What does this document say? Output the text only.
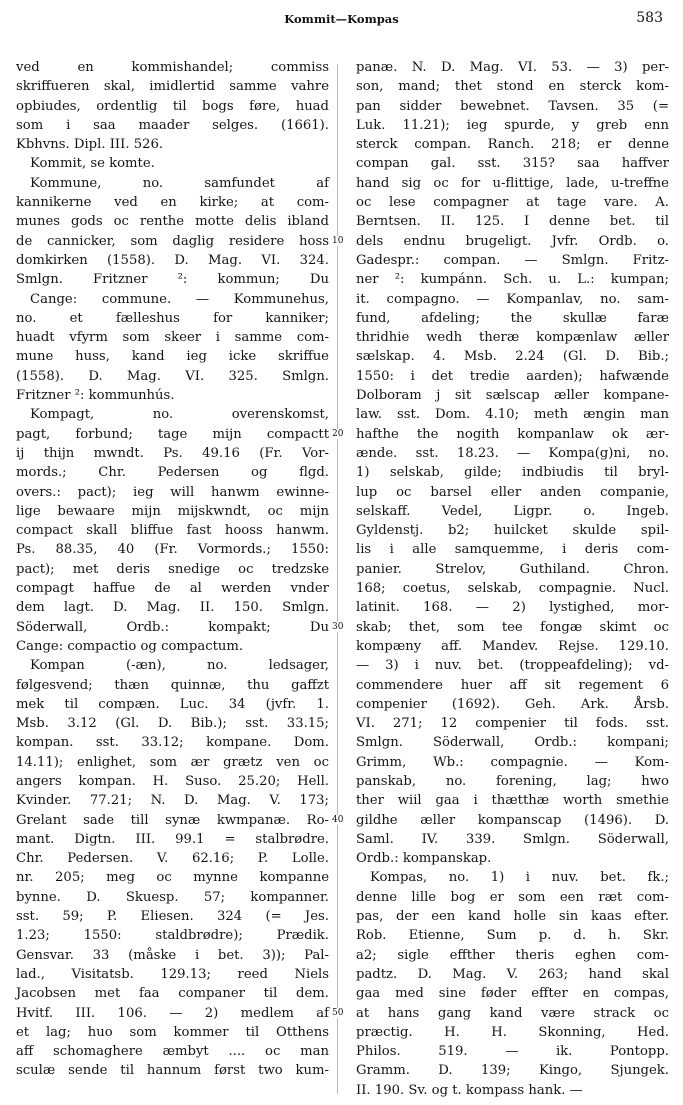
Kommit—Kompas	583
ved en kommishandel; commiss
skriffueren skal, imidlertid samme vahre
opbiudes, ordentlig til bogs føre, huad
som i saa maader selges. (1661).
Kbhvns. Dipl. III. 526.
Kommit, se komte.
Kommune, no. samfundet af
kannikerne ved en kirke; at com-
munes gods oc renthe motte delis ibland
de cannicker, som daglig residere hoss
domkirken (1558). D. Mag. VI. 324.
Smlgn. Fritzner ²: kommun; Du
Cange: commune. — Kommunehus,
no. et fælleshus for kanniker;
huadt vfyrm som skeer i samme com-
mune huss, kand ieg icke skriffue
(1558). D. Mag. VI. 325. Smlgn.
Fritzner ²: kommunhús.
Kompagt, no. overenskomst,
pagt, forbund; tage mijn compactt
ij thijn mwndt. Ps. 49.16 (Fr. Vor-
mords.; Chr. Pedersen og flgd.
overs.: pact); ieg will hanwm ewinne-
lige bewaare mijn mijskwndt, oc mijn
compact skall bliffue fast hooss hanwm.
Ps. 88.35, 40 (Fr. Vormords.; 1550:
pact); met deris snedige oc tredzske
compagt haffue de al werden vnder
dem lagt. D. Mag. II. 150. Smlgn.
Söderwall, Ordb.: kompakt; Du
Cange: compactio og compactum.
Kompan (-æn), no. ledsager,
følgesvend; thæn quinnæ, thu gaffzt
mek til compæn. Luc. 34 (jvfr. 1.
Msb. 3.12 (Gl. D. Bib.); sst. 33.15;
kompan. sst. 33.12; kompane. Dom.
14.11); enlighet, som ær grætz ven oc
angers kompan. H. Suso. 25.20; Hell.
Kvinder. 77.21; N. D. Mag. V. 173;
Grelant sade till synæ kwmpanæ. Ro-
mant. Digtn. III. 99.1 = stalbrødre.
Chr. Pedersen. V. 62.16; P. Lolle.
nr. 205; meg oc mynne kompanne
bynne. D. Skuesp. 57; kompanner.
sst. 59; P. Eliesen. 324 (= Jes.
1.23; 1550: staldbrødre); Prædik.
Gensvar. 33 (måske i bet. 3)); Pal-
lad., Visitatsb. 129.13; reed Niels
Jacobsen met faa companer til dem.
Hvitf. III. 106. — 2) medlem af
et lag; huo som kommer til Otthens
aff schomaghere æmbyt .... oc man
sculæ sende til hannum først two kum-
10
20
30
40
50
panæ. N. D. Mag. VI. 53. — 3) per-
son, mand; thet stond en sterck kom-
pan sidder bewebnet. Tavsen. 35 (=
Luk. 11.21); ieg spurde, y greb enn
sterck compan. Ranch. 218; er denne
compan gal. sst. 315? saa haffver
hand sig oc for u-flittige, lade, u-treffne
oc lese compagner at tage vare. A.
Berntsen. II. 125. I denne bet. til
dels endnu brugeligt. Jvfr. Ordb. o.
Gadespr.: compan. — Smlgn. Fritz-
ner ²: kumpánn. Sch. u. L.: kumpan;
it. compagno. — Kompanlav, no. sam-
fund, afdeling; the skullæ faræ
thridhie wedh theræ kompænlaw æller
sælskap. 4. Msb. 2.24 (Gl. D. Bib.;
1550: i det tredie aarden); hafwænde
Dolboram j sit sælscap æller kompane-
law. sst. Dom. 4.10; meth ængin man
hafthe the nogith kompanlaw ok ær-
ænde. sst. 18.23. — Kompa(g)ni, no.
1) selskab, gilde; indbiudis til bryl-
lup oc barsel eller anden companie,
selskaff. Vedel, Ligpr. o. Ingeb.
Gyldenstj. b2; huilcket skulde spil-
lis i alle samquemme, i deris com-
panier. Strelov, Guthiland. Chron.
168; coetus, selskab, compagnie. Nucl.
latinit. 168. — 2) lystighed, mor-
skab; thet, som tee fongæ skimt oc
kompæny aff. Mandev. Rejse. 129.10.
— 3) i nuv. bet. (troppeafdeling); vd-
commendere huer aff sit regement 6
compenier (1692). Geh. Ark. Årsb.
VI. 271; 12 compenier til fods. sst.
Smlgn. Söderwall, Ordb.: kompani;
Grimm, Wb.: compagnie. — Kom-
panskab, no. forening, lag; hwo
ther wiil gaa i thætthæ worth smethie
gildhe æller kompanscap (1496). D.
Saml. IV. 339. Smlgn. Söderwall,
Ordb.: kompanskap.
Kompas, no. 1) i nuv. bet. fk.;
denne lille bog er som een ræt com-
pas, der een kand holle sin kaas efter.
Rob. Etienne, Sum p. d. h. Skr.
a2; sigle effther theris eghen com-
padtz. D. Mag. V. 263; hand skal
gaa med sine føder effter en compas,
at hans gang kand være strack oc
præctig. H. H. Skonning, Hed.
Philos. 519. — ik. Pontopp.
Gramm. D. 139; Kingo, Sjungek.
II. 190. Sv. og t. kompass hank. —
